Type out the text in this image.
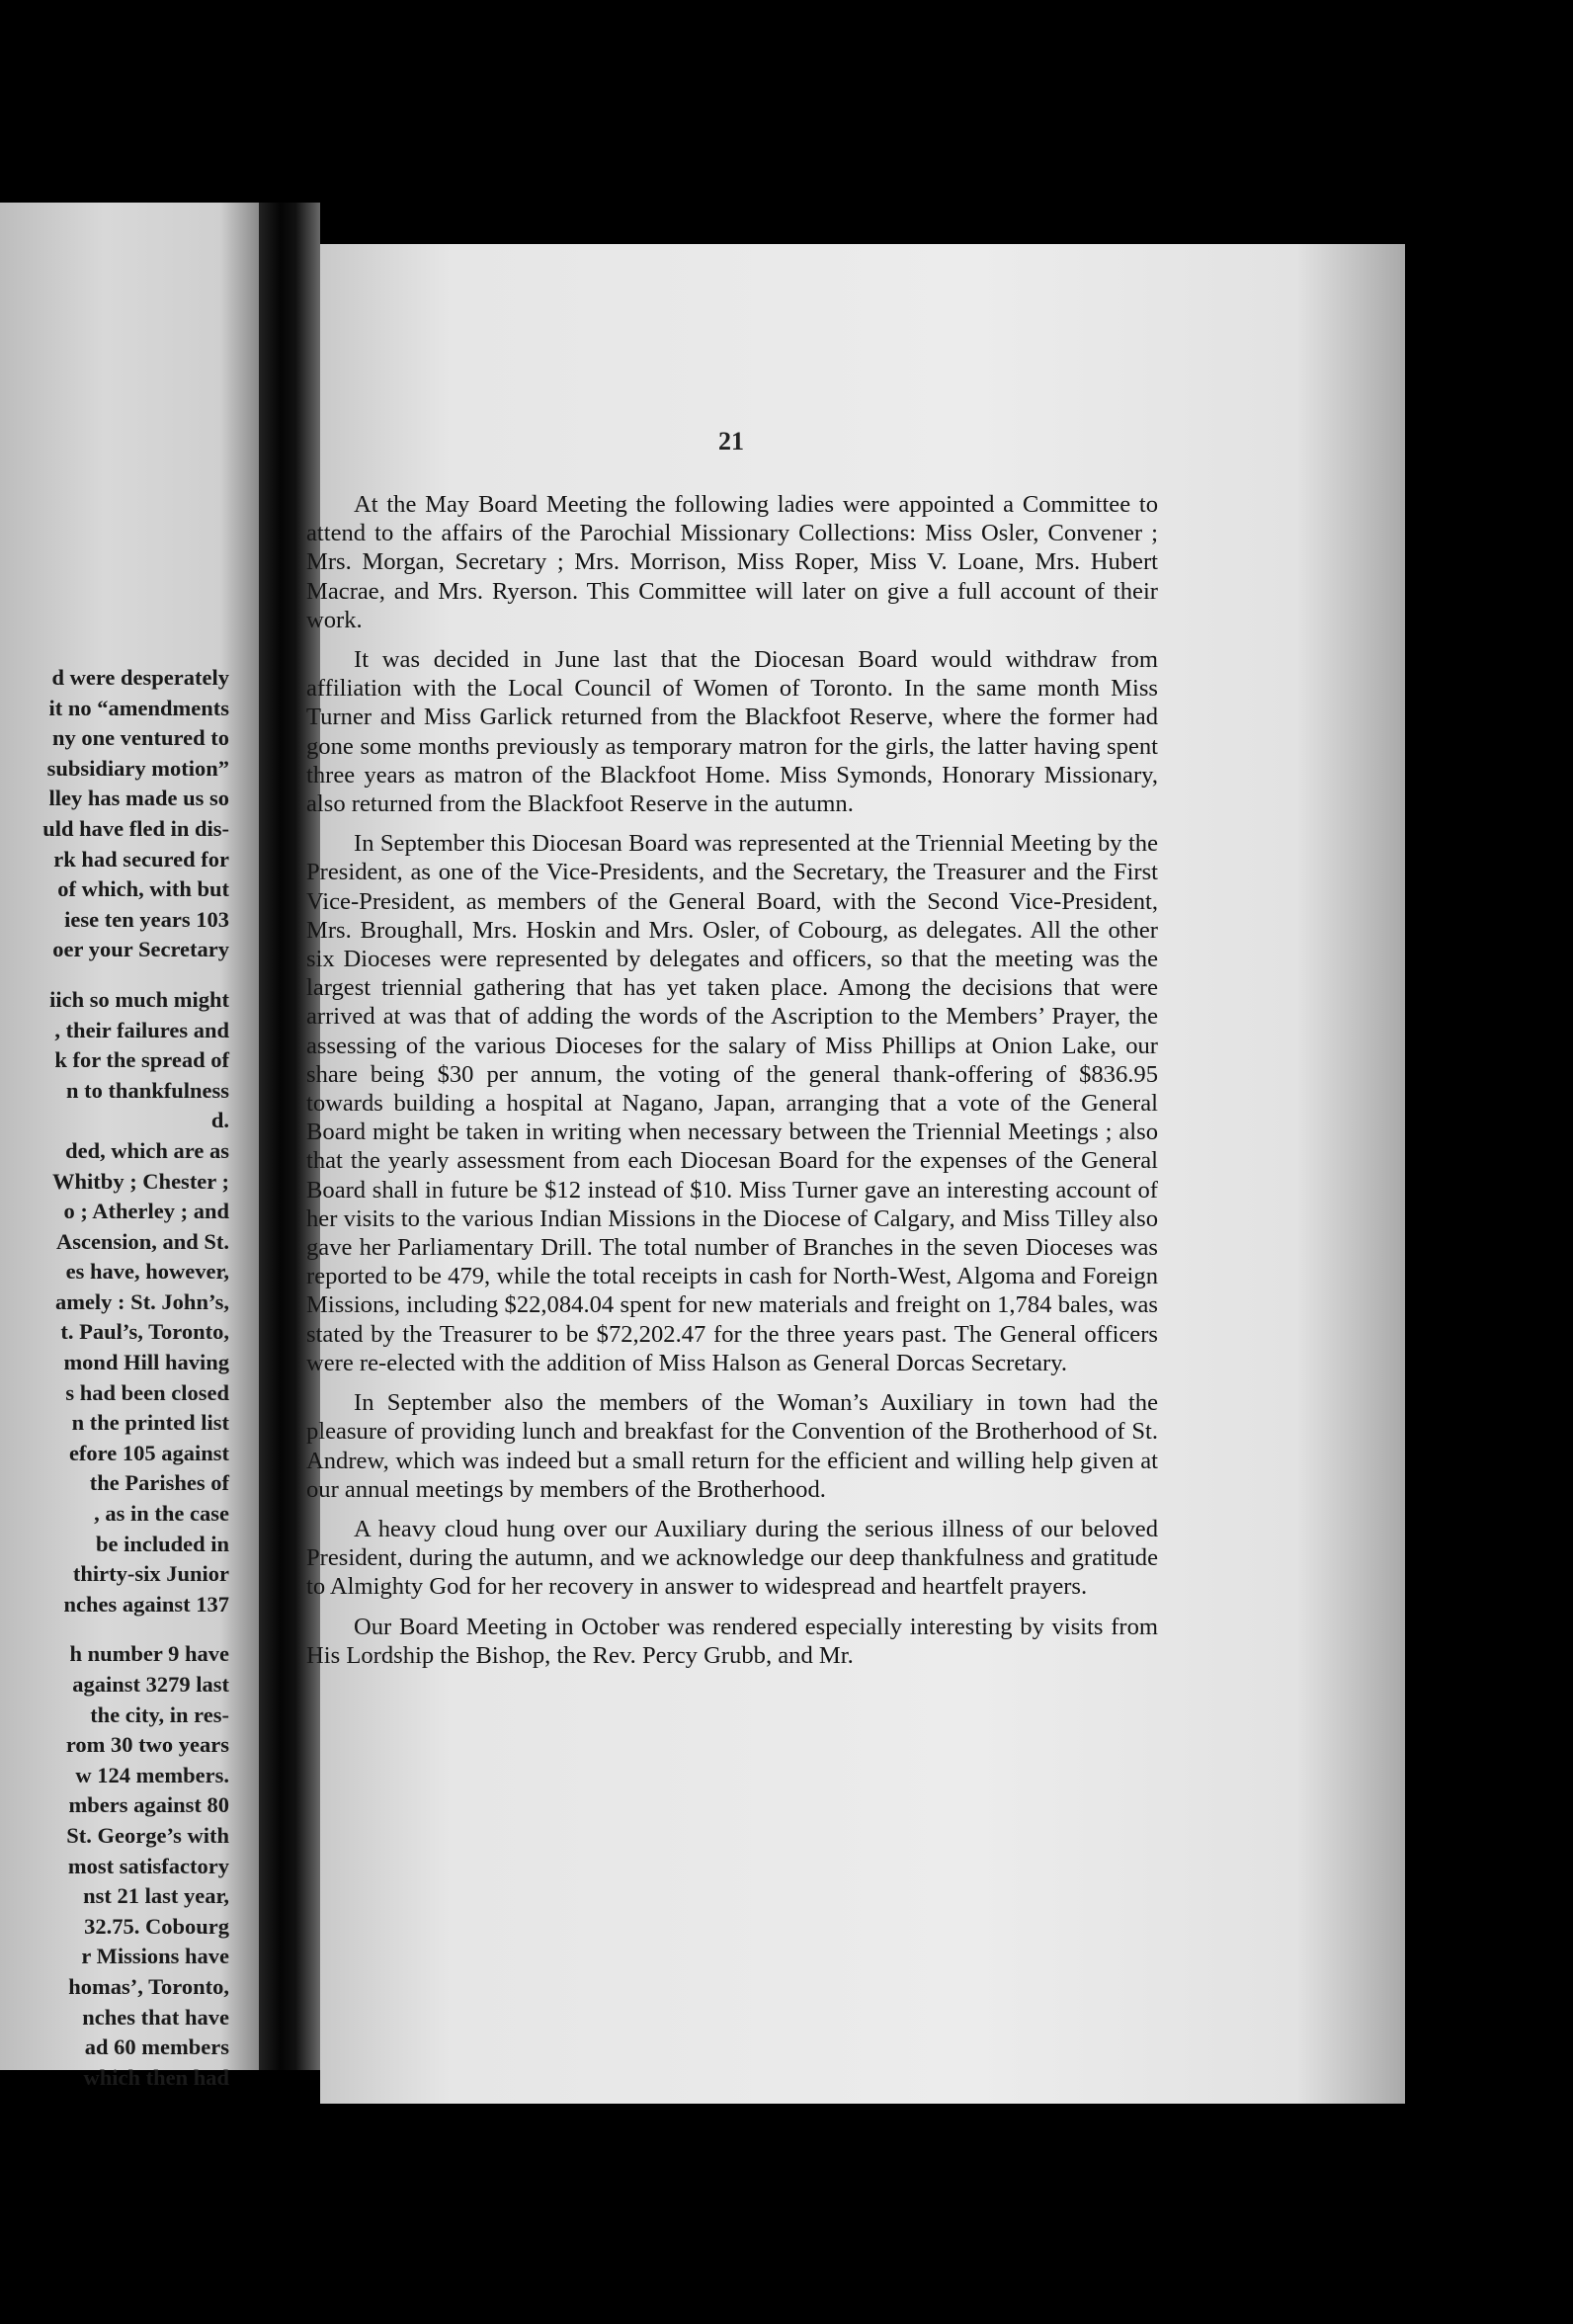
d were desperately
it no “amendments
ny one ventured to
subsidiary motion”
lley has made us so
uld have fled in dis-
rk had secured for
of which, with but
iese ten years 103
oer your Secretary
iich so much might
, their failures and
k for the spread of
n to thankfulness
d.
ded, which are as
Whitby ; Chester ;
o ; Atherley ; and
Ascension, and St.
es have, however,
amely : St. John’s,
t. Paul’s, Toronto,
mond Hill having
s had been closed
n the printed list
efore 105 against
the Parishes of
, as in the case
be included in
thirty-six Junior
nches against 137
h number 9 have
against 3279 last
the city, in res-
rom 30 two years
w 124 members.
mbers against 80
St. George’s with
most satisfactory
nst 21 last year,
32.75. Cobourg
r Missions have
homas’, Toronto,
nches that have
ad 60 members
which then had
21

At the May Board Meeting the following ladies were appointed a Committee to attend to the affairs of the Parochial Missionary Collections: Miss Osler, Convener ; Mrs. Morgan, Secretary ; Mrs. Morrison, Miss Roper, Miss V. Loane, Mrs. Hubert Macrae, and Mrs. Ryerson. This Committee will later on give a full account of their work.

It was decided in June last that the Diocesan Board would withdraw from affiliation with the Local Council of Women of Toronto. In the same month Miss Turner and Miss Garlick returned from the Blackfoot Reserve, where the former had gone some months previously as temporary matron for the girls, the latter having spent three years as matron of the Blackfoot Home. Miss Symonds, Honorary Missionary, also returned from the Blackfoot Reserve in the autumn.

In September this Diocesan Board was represented at the Triennial Meeting by the President, as one of the Vice-Presidents, and the Secretary, the Treasurer and the First Vice-President, as members of the General Board, with the Second Vice-President, Mrs. Broughall, Mrs. Hoskin and Mrs. Osler, of Cobourg, as delegates. All the other six Dioceses were represented by delegates and officers, so that the meeting was the largest triennial gathering that has yet taken place. Among the decisions that were arrived at was that of adding the words of the Ascription to the Members’ Prayer, the assessing of the various Dioceses for the salary of Miss Phillips at Onion Lake, our share being $30 per annum, the voting of the general thank-offering of $836.95 towards building a hospital at Nagano, Japan, arranging that a vote of the General Board might be taken in writing when necessary between the Triennial Meetings ; also that the yearly assessment from each Diocesan Board for the expenses of the General Board shall in future be $12 instead of $10. Miss Turner gave an interesting account of her visits to the various Indian Missions in the Diocese of Calgary, and Miss Tilley also gave her Parliamentary Drill. The total number of Branches in the seven Dioceses was reported to be 479, while the total receipts in cash for North-West, Algoma and Foreign Missions, including $22,084.04 spent for new materials and freight on 1,784 bales, was stated by the Treasurer to be $72,202.47 for the three years past. The General officers were re-elected with the addition of Miss Halson as General Dorcas Secretary.

In September also the members of the Woman’s Auxiliary in town had the pleasure of providing lunch and breakfast for the Convention of the Brotherhood of St. Andrew, which was indeed but a small return for the efficient and willing help given at our annual meetings by members of the Brotherhood.

A heavy cloud hung over our Auxiliary during the serious illness of our beloved President, during the autumn, and we acknowledge our deep thankfulness and gratitude to Almighty God for her recovery in answer to widespread and heartfelt prayers.

Our Board Meeting in October was rendered especially interesting by visits from His Lordship the Bishop, the Rev. Percy Grubb, and Mr.
